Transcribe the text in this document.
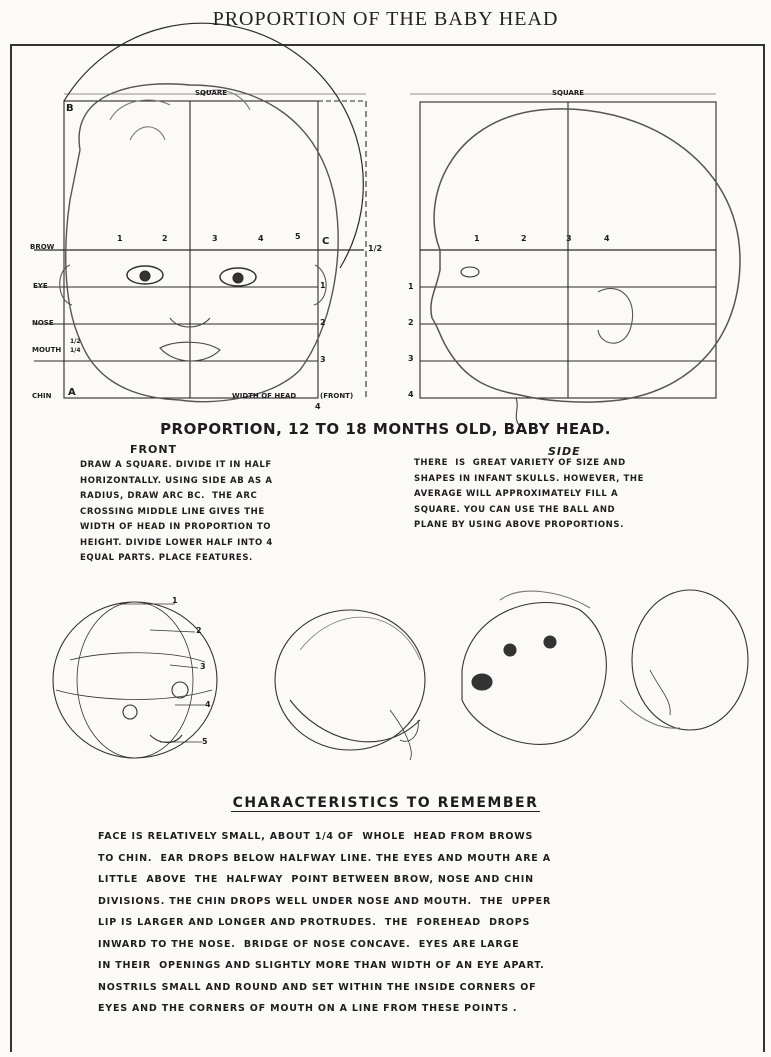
PROPORTION OF THE BABY HEAD
SQUARE
B
A
C
1/2
BROW
EYE
NOSE
MOUTH
CHIN
1/2
1/4
1	2	3	4	5
1
2
3
WIDTH OF HEAD	(FRONT)
4
SQUARE
1	2	3	4
1
2
3
4
PROPORTION, 12 TO 18 MONTHS OLD, BABY HEAD.
FRONT	SIDE
DRAW A SQUARE. DIVIDE IT IN HALF
HORIZONTALLY. USING SIDE AB AS A
RADIUS, DRAW ARC BC.  THE ARC
CROSSING MIDDLE LINE GIVES THE
WIDTH OF HEAD IN PROPORTION TO
HEIGHT. DIVIDE LOWER HALF INTO 4
EQUAL PARTS. PLACE FEATURES.
THERE  IS  GREAT VARIETY OF SIZE AND
SHAPES IN INFANT SKULLS. HOWEVER, THE
AVERAGE WILL APPROXIMATELY FILL A
SQUARE. YOU CAN USE THE BALL AND
PLANE BY USING ABOVE PROPORTIONS.
1
2
3
4
5
CHARACTERISTICS TO REMEMBER
FACE IS RELATIVELY SMALL, ABOUT 1/4 OF  WHOLE  HEAD FROM BROWS
TO CHIN.  EAR DROPS BELOW HALFWAY LINE. THE EYES AND MOUTH ARE A
LITTLE  ABOVE  THE  HALFWAY  POINT BETWEEN BROW, NOSE AND CHIN
DIVISIONS. THE CHIN DROPS WELL UNDER NOSE AND MOUTH.  THE  UPPER
LIP IS LARGER AND LONGER AND PROTRUDES.  THE  FOREHEAD  DROPS
INWARD TO THE NOSE.  BRIDGE OF NOSE CONCAVE.  EYES ARE LARGE
IN THEIR  OPENINGS AND SLIGHTLY MORE THAN WIDTH OF AN EYE APART.
NOSTRILS SMALL AND ROUND AND SET WITHIN THE INSIDE CORNERS OF
EYES AND THE CORNERS OF MOUTH ON A LINE FROM THESE POINTS .
